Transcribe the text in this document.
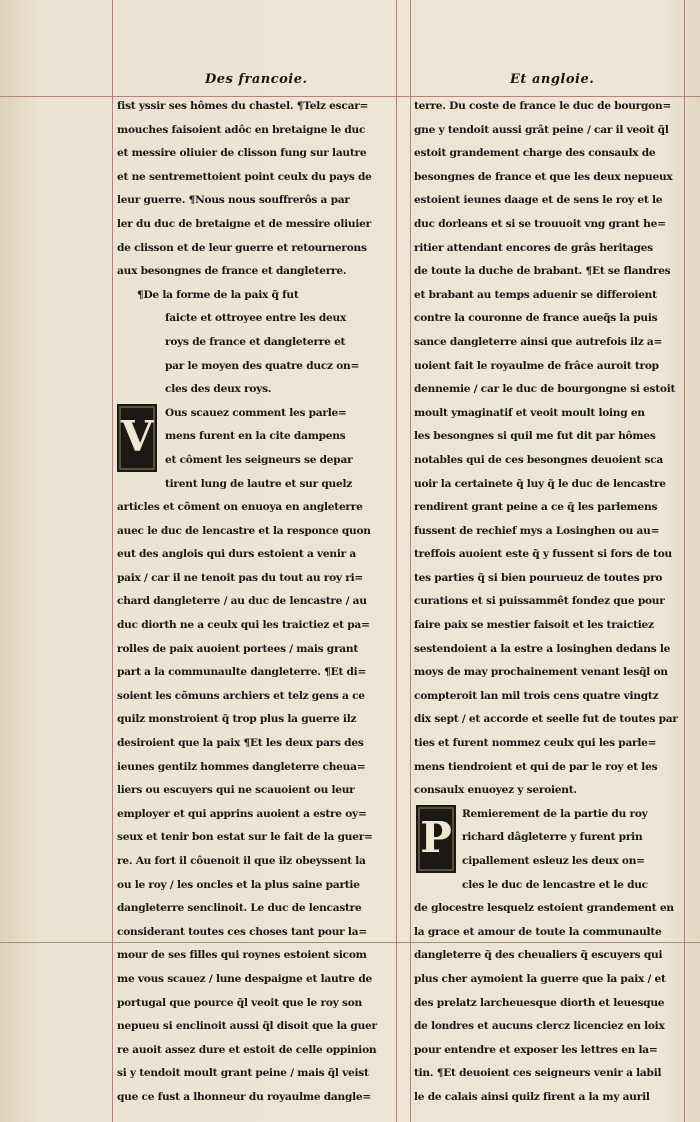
Des francoie.	Et angloie.
fist yssir ses hômes du chastel. ¶Telz escar=
mouches faisoient adôc en bretaigne le duc
et messire oliuier de clisson fung sur lautre
et ne sentremettoient point ceulx du pays de
leur guerre. ¶Nous nous souffrerôs a par
ler du duc de bretaigne et de messire oliuier
de clisson et de leur guerre et retournerons
aux besongnes de france et dangleterre.
¶De la forme de la paix q̃ fut
faicte et ottroyee entre les deux
roys de france et dangleterre et
par le moyen des quatre ducz on=
cles des deux roys.
V	Ous scauez comment les parle=
mens furent en la cite dampens
et côment les seigneurs se depar
tirent lung de lautre et sur quelz
articles et cõment on enuoya en angleterre
auec le duc de lencastre et la responce quon
eut des anglois qui durs estoient a venir a
paix / car il ne tenoit pas du tout au roy ri=
chard dangleterre / au duc de lencastre / au
duc diorth ne a ceulx qui les traictiez et pa=
rolles de paix auoient portees / mais grant
part a la communaulte dangleterre. ¶Et di=
soient les cõmuns archiers et telz gens a ce
quilz monstroient q̃ trop plus la guerre ilz
desiroient que la paix ¶Et les deux pars des
ieunes gentilz hommes dangleterre cheua=
liers ou escuyers qui ne scauoient ou leur
employer et qui apprins auoient a estre oy=
seux et tenir bon estat sur le fait de la guer=
re. Au fort il côuenoit il que ilz obeyssent la
ou le roy / les oncles et la plus saine partie
dangleterre senclinoit. Le duc de lencastre
considerant toutes ces choses tant pour la=
mour de ses filles qui roynes estoient sicom
me vous scauez / lune despaigne et lautre de
portugal que pource q̃l veoit que le roy son
nepueu si enclinoit aussi q̃l disoit que la guer
re auoit assez dure et estoit de celle oppinion
si y tendoit moult grant peine / mais q̃l veist
que ce fust a lhonneur du royaulme dangle=
terre. Du coste de france le duc de bourgon=
gne y tendoit aussi grât peine / car il veoit q̃l
estoit grandement charge des consaulx de
besongnes de france et que les deux nepueux
estoient ieunes daage et de sens le roy et le
duc dorleans et si se trouuoit vng grant he=
ritier attendant encores de grâs heritages
de toute la duche de brabant. ¶Et se flandres
et brabant au temps aduenir se differoient
contre la couronne de france aueq̃s la puis
sance dangleterre ainsi que autrefois ilz a=
uoient fait le royaulme de frâce auroit trop
dennemie / car le duc de bourgongne si estoit
moult ymaginatif et veoit moult loing en
les besongnes si quil me fut dit par hômes
notables qui de ces besongnes deuoient sca
uoir la certainete q̃ luy q̃ le duc de lencastre
rendirent grant peine a ce q̃ les parlemens
fussent de rechief mys a Losinghen ou au=
treffois auoient este q̃ y fussent si fors de tou
tes parties q̃ si bien pourueuz de toutes pro
curations et si puissammêt fondez que pour
faire paix se mestier faisoit et les traictiez
sestendoient a la estre a losinghen dedans le
moys de may prochainement venant lesq̃l on
compteroit lan mil trois cens quatre vingtz
dix sept / et accorde et seelle fut de toutes par
ties et furent nommez ceulx qui les parle=
mens tiendroient et qui de par le roy et les
consaulx enuoyez y seroient.
P Remierement de la partie du roy
richard dâgleterre y furent prin
cipallement esleuz les deux on=
cles le duc de lencastre et le duc
de glocestre lesquelz estoient grandement en
la grace et amour de toute la communaulte
dangleterre q̃ des cheualiers q̃ escuyers qui
plus cher aymoient la guerre que la paix / et
des prelatz larcheuesque diorth et leuesque
de londres et aucuns clercz licenciez en loix
pour entendre et exposer les lettres en la=
tin. ¶Et deuoient ces seigneurs venir a labil
le de calais ainsi quilz firent a la my auril
